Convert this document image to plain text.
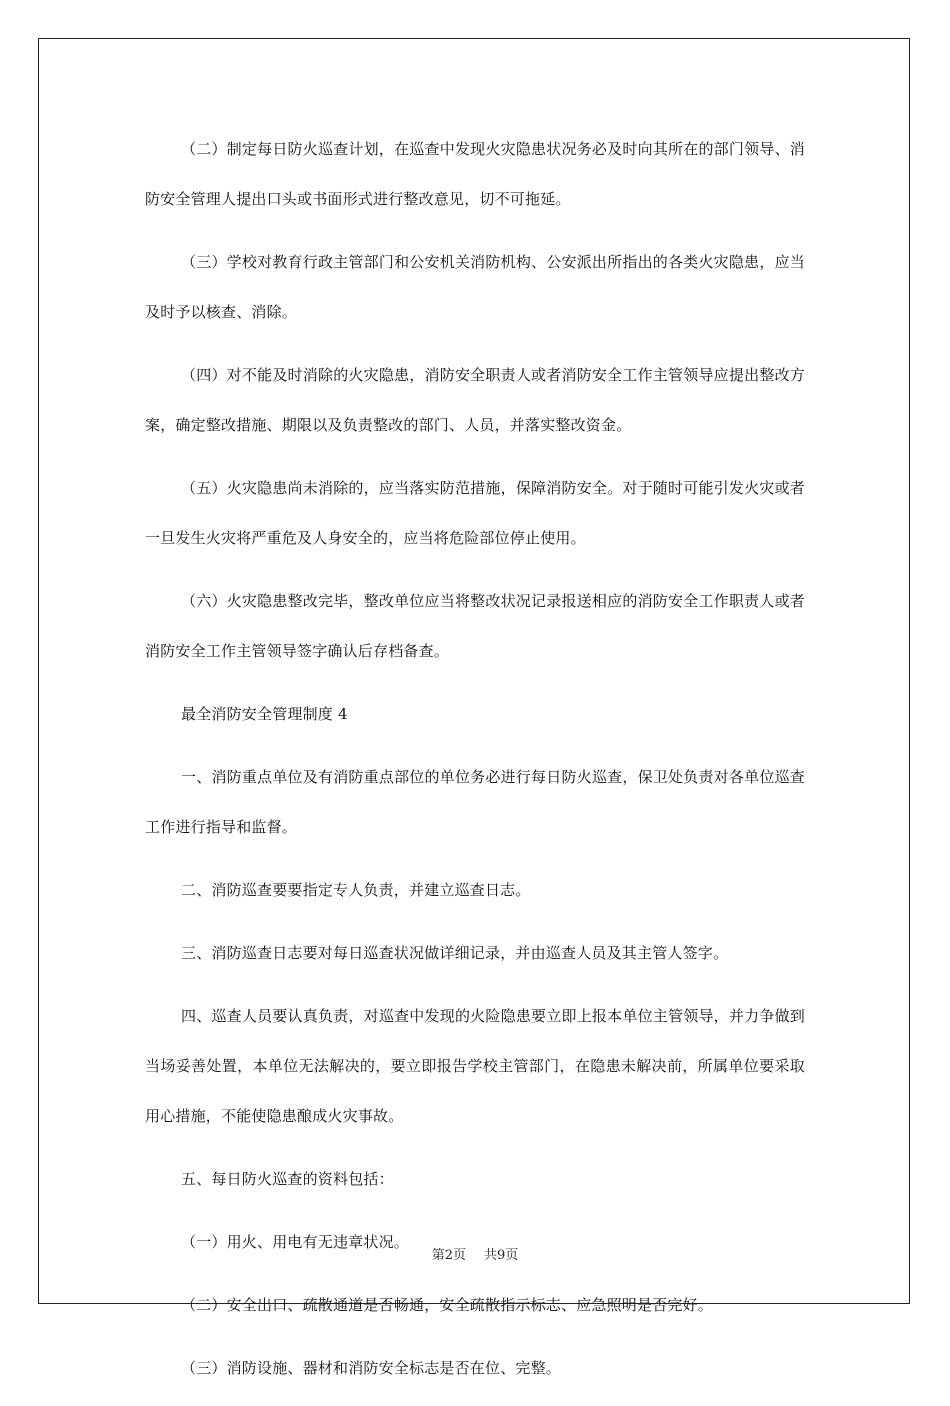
（二）制定每日防火巡查计划，在巡查中发现火灾隐患状况务必及时向其所在的部门领导、消防安全管理人提出口头或书面形式进行整改意见，切不可拖延。

（三）学校对教育行政主管部门和公安机关消防机构、公安派出所指出的各类火灾隐患，应当及时予以核查、消除。

（四）对不能及时消除的火灾隐患，消防安全职责人或者消防安全工作主管领导应提出整改方案，确定整改措施、期限以及负责整改的部门、人员，并落实整改资金。

（五）火灾隐患尚未消除的，应当落实防范措施，保障消防安全。对于随时可能引发火灾或者一旦发生火灾将严重危及人身安全的，应当将危险部位停止使用。

（六）火灾隐患整改完毕，整改单位应当将整改状况记录报送相应的消防安全工作职责人或者消防安全工作主管领导签字确认后存档备查。

最全消防安全管理制度 4

一、消防重点单位及有消防重点部位的单位务必进行每日防火巡查，保卫处负责对各单位巡查工作进行指导和监督。

二、消防巡查要要指定专人负责，并建立巡查日志。

三、消防巡查日志要对每日巡查状况做详细记录，并由巡查人员及其主管人签字。

四、巡查人员要认真负责，对巡查中发现的火险隐患要立即上报本单位主管领导，并力争做到当场妥善处置，本单位无法解决的，要立即报告学校主管部门，在隐患未解决前，所属单位要采取用心措施，不能使隐患酿成火灾事故。

五、每日防火巡查的资料包括：

（一）用火、用电有无违章状况。

（二）安全出口、疏散通道是否畅通，安全疏散指示标志、应急照明是否完好。

（三）消防设施、器材和消防安全标志是否在位、完整。

第2页 共9页
